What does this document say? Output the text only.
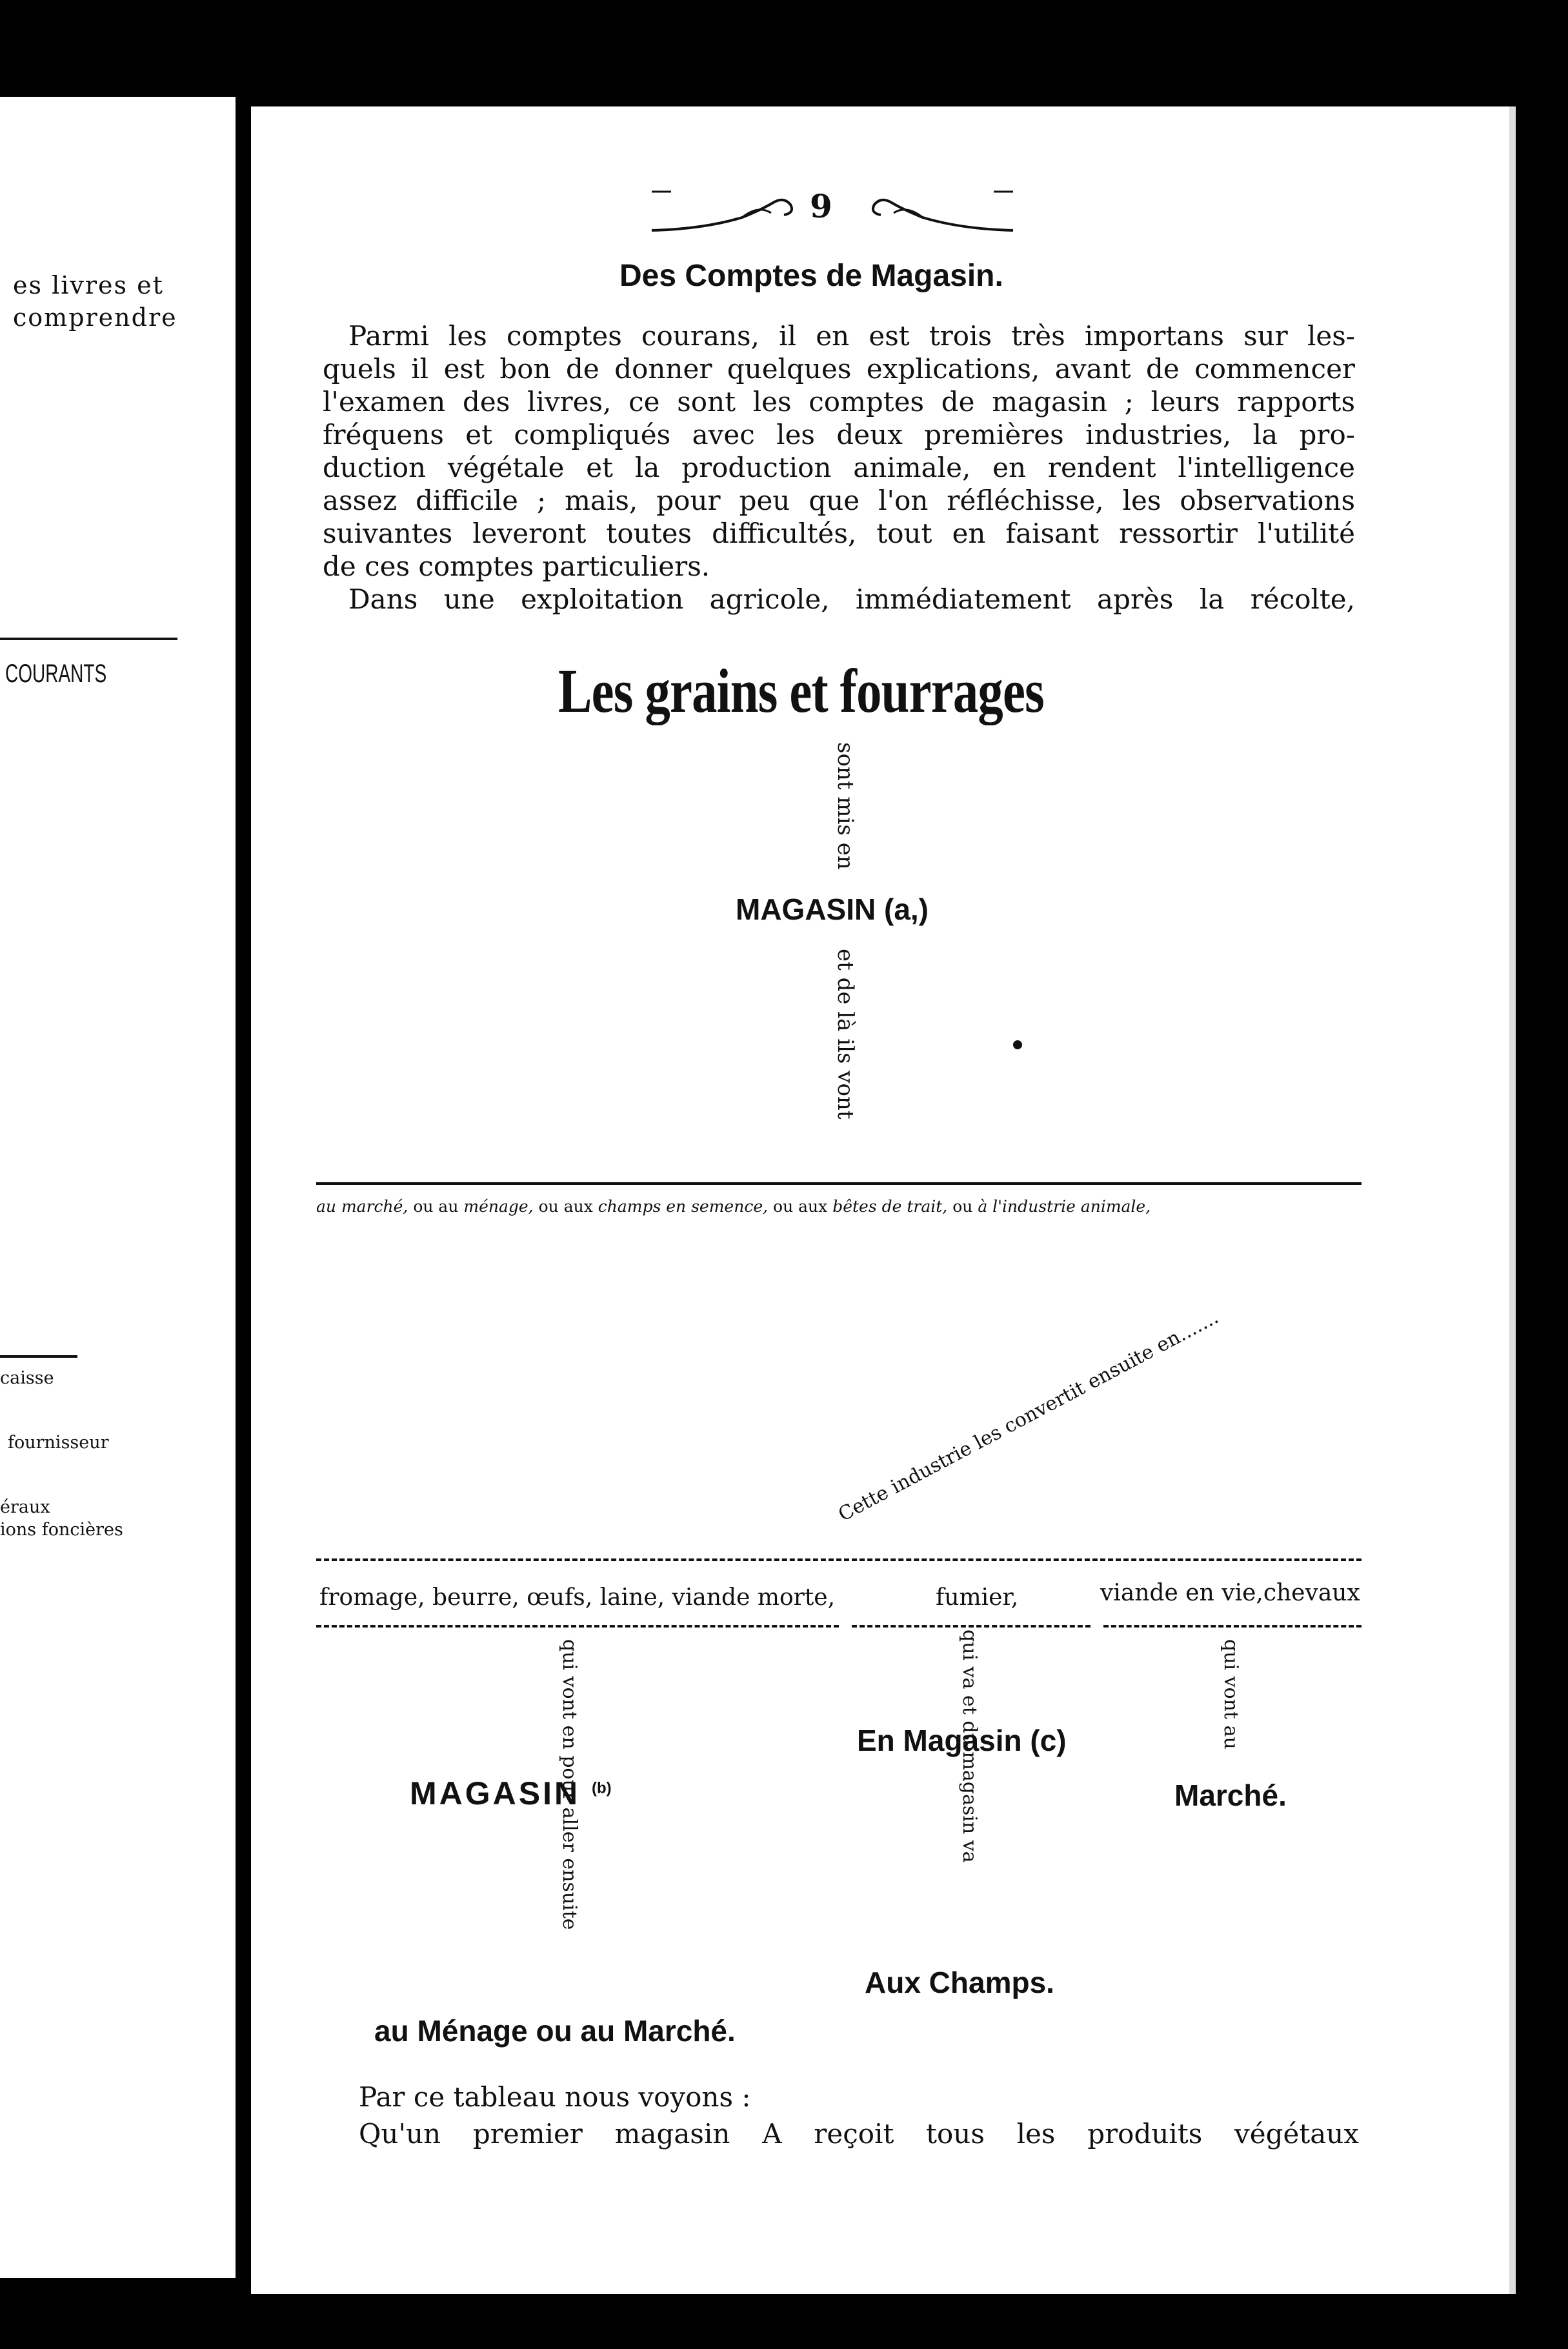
es livres et
comprendre
COURANTS
caisse
fournisseur
éraux
ions foncières
9
Des Comptes de Magasin.
Parmi les comptes courans, il en est trois très importans sur les-
quels il est bon de donner quelques explications, avant de commencer
l'examen des livres, ce sont les comptes de magasin ; leurs rapports
fréquens et compliqués avec les deux premières industries, la pro-
duction végétale et la production animale, en rendent l'intelligence
assez difficile ; mais, pour peu que l'on réfléchisse, les observations
suivantes leveront toutes difficultés, tout en faisant ressortir l'utilité
de ces comptes particuliers.
Dans une exploitation agricole, immédiatement après la récolte,
Les grains et fourrages
sont mis en
MAGASIN (a,)
et de là ils vont
au marché, ou au ménage, ou aux champs en semence, ou aux bêtes de trait, ou à l'industrie animale,
Cette industrie les convertit ensuite en.......
fromage, beurre, œufs, laine, viande morte,	fumier,	viande en vie,chevaux
qui vont en pour aller ensuite	qui va et du magasin va	qui vont au
MAGASIN $^{(b)}$
En Magasin (c)
Marché.
Aux Champs.
au Ménage ou au Marché.
Par ce tableau nous voyons :
Qu'un premier magasin A reçoit tous les produits végétaux
